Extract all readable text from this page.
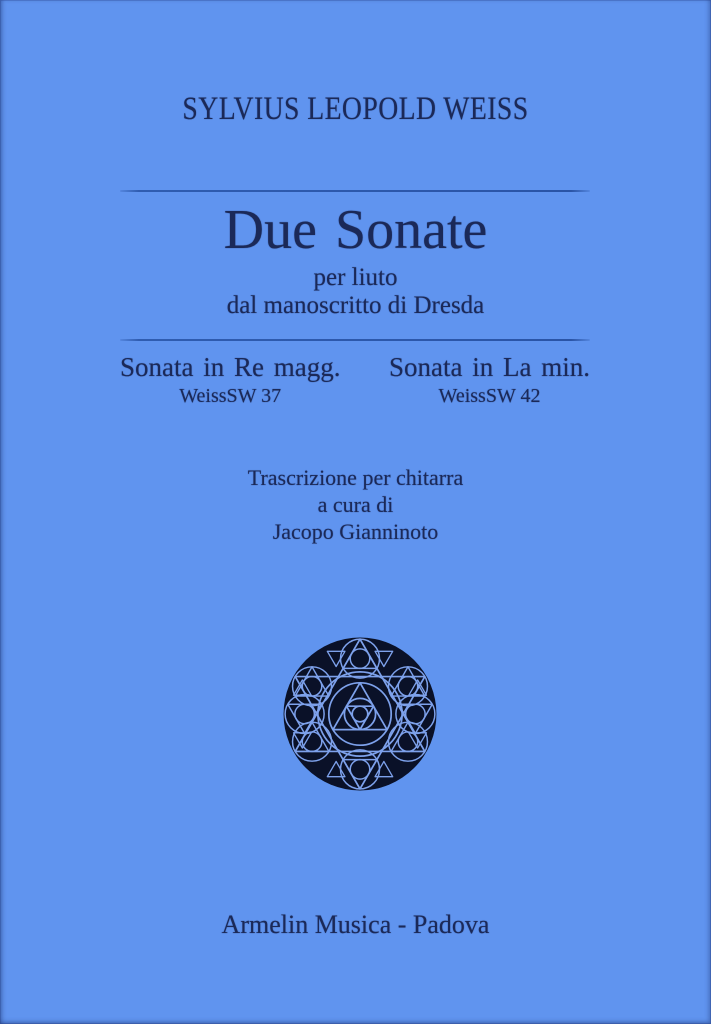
SYLVIUS LEOPOLD WEISS
Due Sonate
per liuto
dal manoscritto di Dresda
Sonata in Re magg.
WeissSW 37
Sonata in La min.
WeissSW 42
Trascrizione per chitarra
a cura di
Jacopo Gianninoto
Armelin Musica - Padova
